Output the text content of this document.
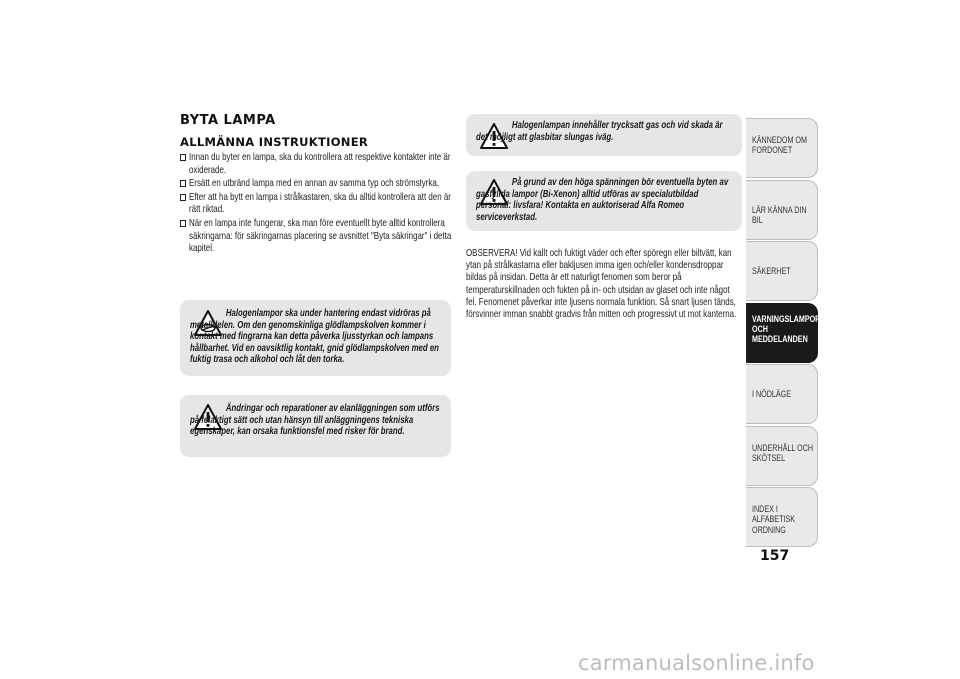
BYTA LAMPA
ALLMÄNNA INSTRUKTIONER
Innan du byter en lampa, ska du kontrollera att respektive kontakter inte är oxiderade.
Ersätt en utbränd lampa med en annan av samma typ och strömstyrka.
Efter att ha bytt en lampa i strålkastaren, ska du alltid kontrollera att den är rätt riktad.
När en lampa inte fungerar, ska man före eventuellt byte alltid kontrollera säkringarna: för säkringarnas placering se avsnittet "Byta säkringar" i detta kapitel.
Halogenlampor ska under hantering endast vidröras på metalldelen. Om den genomskinliga glödlampskolven kommer i kontakt med fingrarna kan detta påverka ljusstyrkan och lampans hållbarhet. Vid en oavsiktlig kontakt, gnid glödlampskolven med en fuktig trasa och alkohol och låt den torka.
Ändringar och reparationer av elanläggningen som utförs på felaktigt sätt och utan hänsyn till anläggningens tekniska egenskaper, kan orsaka funktionsfel med risker för brand.
Halogenlampan innehåller trycksatt gas och vid skada är det möjligt att glasbitar slungas iväg.
På grund av den höga spänningen bör eventuella byten av gasfyllda lampor (Bi-Xenon) alltid utföras av specialutbildad personal: livsfara! Kontakta en auktoriserad Alfa Romeo serviceverkstad.
OBSERVERA! Vid kallt och fuktigt väder och efter spöregn eller biltvätt, kan ytan på strålkastarna eller bakljusen imma igen och/eller kondensdroppar bildas på insidan. Detta är ett naturligt fenomen som beror på temperaturskillnaden och fukten på in- och utsidan av glaset och inte något fel. Fenomenet påverkar inte ljusens normala funktion. Så snart ljusen tänds, försvinner imman snabbt gradvis från mitten och progressivt ut mot kanterna.
KÄNNEDOM OM FORDONET
LÄR KÄNNA DIN BIL
SÄKERHET
VARNINGSLAMPOR OCH MEDDELANDEN
I NÖDLÄGE
UNDERHÅLL OCH SKÖTSEL
INDEX I ALFABETISK ORDNING
157
carmanualsonline.info
